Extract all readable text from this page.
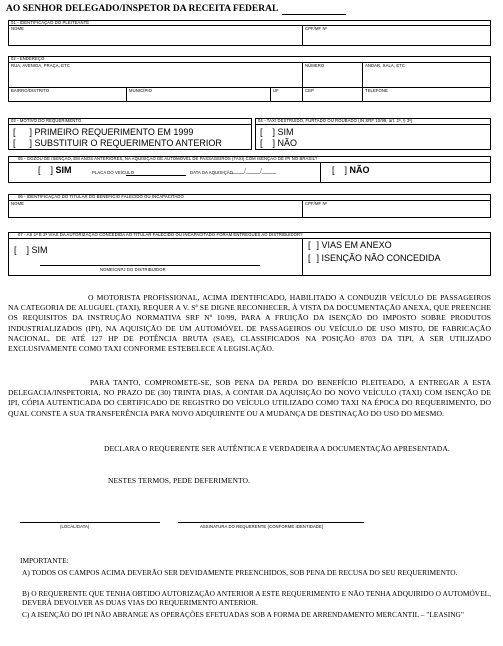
AO SENHOR DELEGADO/INSPETOR DA RECEITA FEDERAL
01 - IDENTIFICAÇÃO DO PLEITEANTE
NOME	CPF/MF Nº
02 - ENDEREÇO
RUA, AVENIDA, PRAÇA, ETC	NÚMERO	ANDAR, SALA, ETC
BAIRRO/DISTRITO	MUNICÍPIO	UF	CEP	TELEFONE
03 - MOTIVO DO REQUERIMENTO
[ ] PRIMEIRO REQUERIMENTO EM 1999
[ ] SUBSTITUIR O REQUERIMENTO ANTERIOR
04 - TAXI DESTRUÍDO, FURTADO OU ROUBADO (IN SRF 10/99, art. 2º, § 3º)
[ ] SIM
[ ] NÃO
05 - GOZOU DE ISENÇÃO, EM ANOS ANTERIORES, NA AQUISIÇÃO DE AUTOMÓVEL DE PASSAGEIROS (TAXI) COM ISENÇÃO DE IPI NO BRASIL?
[ ] SIM	PLACA DO VEÍCULO	DATA DA AQUISIÇÃO
____/____/____	[ ] NÃO
06 - IDENTIFICAÇÃO DO TITULAR DO BENEFÍCIO FALECIDO OU INCAPACITADO
NOME	CPF/MF Nº
07 - AS 1ª E 2ª VIAS DA AUTORIZAÇÃO CONCEDIDA AO TITULAR FALECIDO OU INCAPACITADO FORAM ENTREGUES AO DISTRIBUIDOR?
[ ] SIM
NOME/CNPJ DO DISTRIBUIDOR
[ ] VIAS EM ANEXO
[ ] ISENÇÃO NÃO CONCEDIDA
O MOTORISTA PROFISSIONAL, ACIMA IDENTIFICADO, HABILITADO A CONDUZIR VEÍCULO DE PASSAGEIROS NA CATEGORIA DE ALUGUEL (TAXI), REQUER A V. Sª SE DIGNE RECONHECER, À VISTA DA DOCUMENTAÇÃO ANEXA, QUE PREENCHE OS REQUISITOS DA INSTRUÇÃO NORMATIVA SRF Nº 10/99, PARA A FRUIÇÃO DA ISENÇÃO DO IMPOSTO SOBRE PRODUTOS INDUSTRIALIZADOS (IPI), NA AQUISIÇÃO DE UM AUTOMÓVEL DE PASSAGEIROS OU VEÍCULO DE USO MISTO, DE FABRICAÇÃO NACIONAL, DE ATÉ 127 HP DE POTÊNCIA BRUTA (SAE), CLASSIFICADOS NA POSIÇÃO 8703 DA TIPI, A SER UTILIZADO EXCLUSIVAMENTE COMO TAXI CONFORME ESTEBELECE A LEGISLAÇÃO.
PARA TANTO, COMPROMETE-SE, SOB PENA DA PERDA DO BENEFÍCIO PLEITEADO, A ENTREGAR A ESTA DELEGACIA/INSPETORIA, NO PRAZO DE (30) TRINTA DIAS, A CONTAR DA AQUISIÇÃO DO NOVO VEÍCULO (TAXI) COM ISENÇÃO DE IPI, CÓPIA AUTENTICADA DO CERTIFICADO DE REGISTRO DO VEÍCULO UTILIZADO COMO TAXI NA ÉPOCA DO REQUERIMENTO, DO QUAL CONSTE A SUA TRANSFERÊNCIA PARA NOVO ADQUIRENTE OU A MUDANÇA DE DESTINAÇÃO DO USO DO MESMO.
DECLARA O REQUERENTE SER AUTÊNTICA E VERDADEIRA A DOCUMENTAÇÃO APRESENTADA.
NESTES TERMOS, PEDE DEFERIMENTO.
(LOCAL/DATA)	ASSINATURA DO REQUERENTE (CONFORME IDENTIDADE)
IMPORTANTE:
A) TODOS OS CAMPOS ACIMA DEVERÃO SER DEVIDAMENTE PREENCHIDOS, SOB PENA DE RECUSA DO SEU REQUERIMENTO.
B) O REQUERENTE QUE TENHA OBTIDO AUTORIZAÇÃO ANTERIOR A ESTE REQUERIMENTO E NÃO TENHA ADQUIRIDO O AUTOMÓVEL, DEVERÁ DEVOLVER AS DUAS VIAS DO REQUERIMENTO ANTERIOR.
C) A ISENÇÃO DO IPI NÃO ABRANGE AS OPERAÇÕES EFETUADAS SOB A FORMA DE ARRENDAMENTO MERCANTIL – "LEASING"
